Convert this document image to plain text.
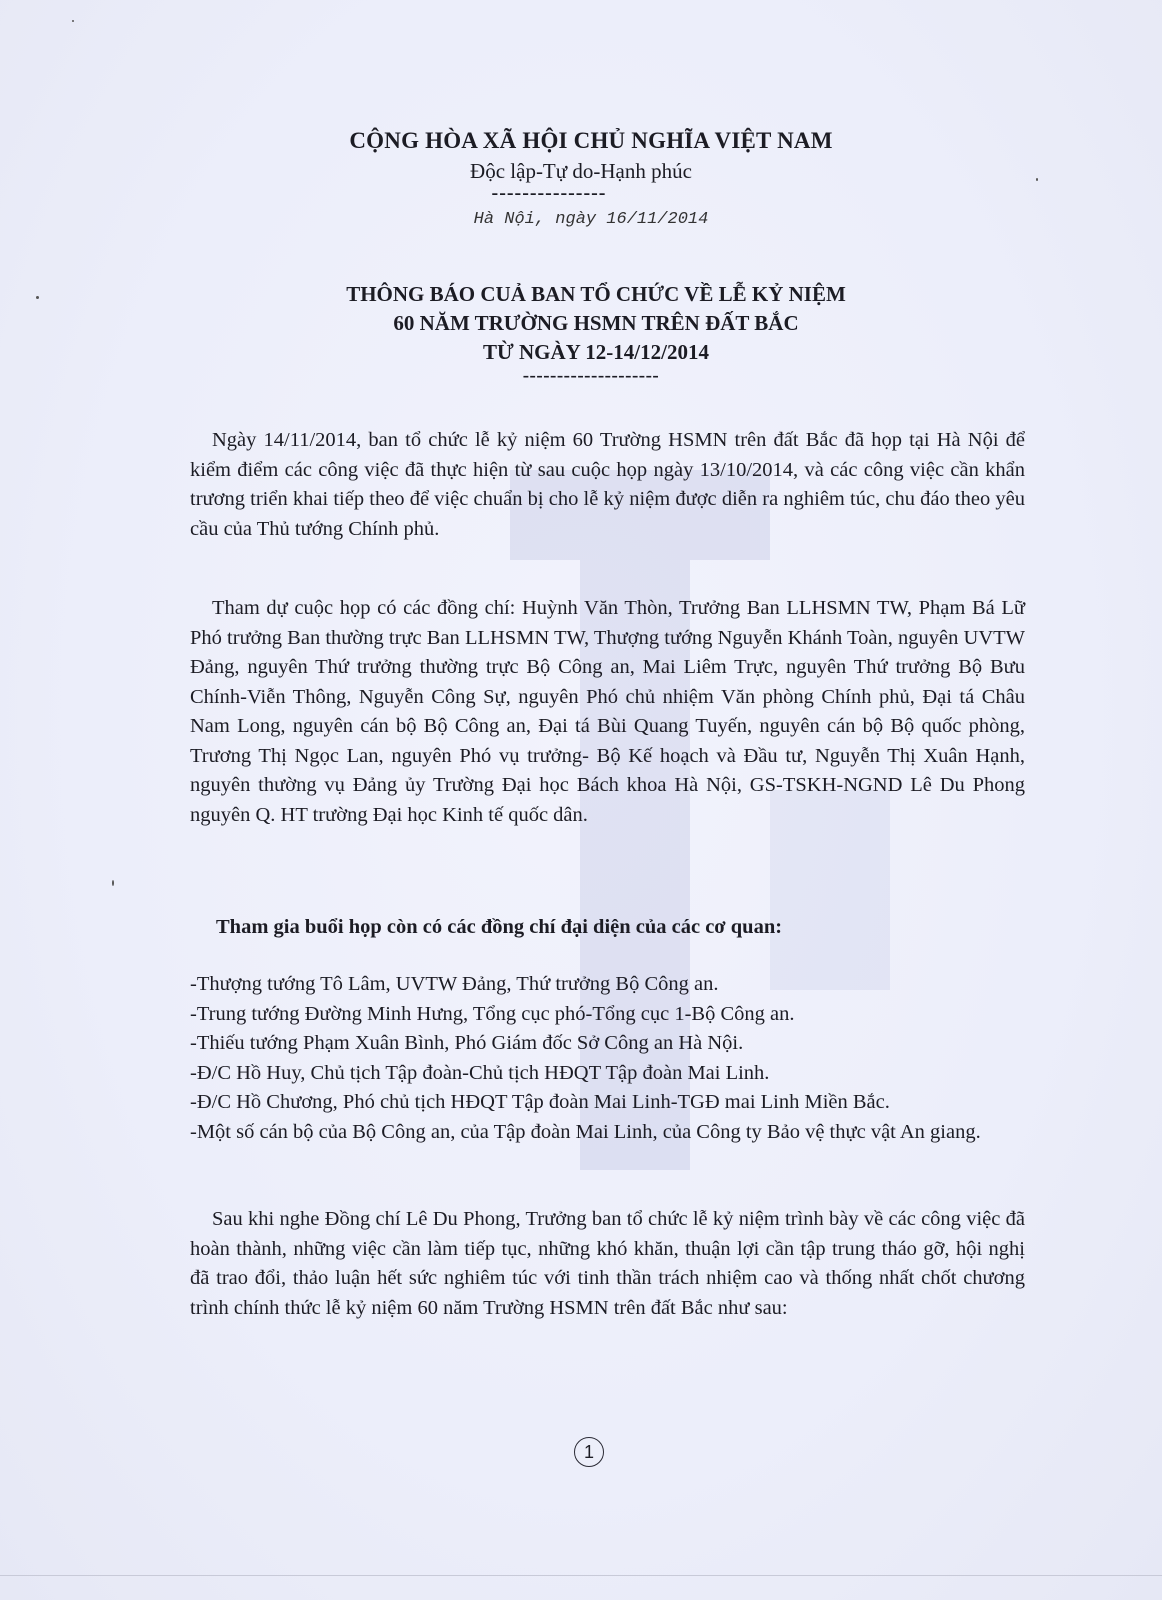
CỘNG HÒA XÃ HỘI CHỦ NGHĨA VIỆT NAM
Độc lập-Tự do-Hạnh phúc
---------------
Hà Nội, ngày 16/11/2014
THÔNG BÁO CUẢ BAN TỔ CHỨC VỀ LỄ KỶ NIỆM
60 NĂM TRƯỜNG HSMN TRÊN ĐẤT BẮC
TỪ NGÀY 12-14/12/2014
--------------------
Ngày 14/11/2014, ban tổ chức lễ kỷ niệm 60 Trường HSMN trên đất Bắc đã họp tại Hà Nội để kiểm điểm các công việc đã thực hiện từ sau cuộc họp ngày 13/10/2014, và các công việc cần khẩn trương triển khai tiếp theo để việc chuẩn bị cho lễ kỷ niệm được diễn ra nghiêm túc, chu đáo theo yêu cầu của Thủ tướng Chính phủ.
Tham dự cuộc họp có các đồng chí: Huỳnh Văn Thòn, Trưởng Ban LLHSMN TW, Phạm Bá Lữ Phó trưởng Ban thường trực Ban LLHSMN TW, Thượng tướng Nguyễn Khánh Toàn, nguyên UVTW Đảng, nguyên Thứ trưởng thường trực Bộ Công an, Mai Liêm Trực, nguyên Thứ trưởng Bộ Bưu Chính-Viễn Thông, Nguyễn Công Sự, nguyên Phó chủ nhiệm Văn phòng Chính phủ, Đại tá Châu Nam Long, nguyên cán bộ Bộ Công an, Đại tá Bùi Quang Tuyến, nguyên cán bộ Bộ quốc phòng, Trương Thị Ngọc Lan, nguyên Phó vụ trưởng- Bộ Kế hoạch và Đầu tư, Nguyễn Thị Xuân Hạnh, nguyên thường vụ Đảng ủy Trường Đại học Bách khoa Hà Nội, GS-TSKH-NGND Lê Du Phong nguyên Q. HT trường Đại học Kinh tế quốc dân.
Tham gia buổi họp còn có các đồng chí đại diện của các cơ quan:
-Thượng tướng Tô Lâm, UVTW Đảng, Thứ trưởng Bộ Công an.
-Trung tướng Đường Minh Hưng, Tổng cục phó-Tổng cục 1-Bộ Công an.
-Thiếu tướng Phạm Xuân Bình, Phó Giám đốc Sở Công an Hà Nội.
-Đ/C Hồ Huy, Chủ tịch Tập đoàn-Chủ tịch HĐQT Tập đoàn Mai Linh.
-Đ/C Hồ Chương, Phó chủ tịch HĐQT Tập đoàn Mai Linh-TGĐ mai Linh Miền Bắc.
-Một số cán bộ của Bộ Công an, của Tập đoàn Mai Linh, của Công ty Bảo vệ thực vật An giang.
Sau khi nghe Đồng chí Lê Du Phong, Trưởng ban tổ chức lễ kỷ niệm trình bày về các công việc đã hoàn thành, những việc cần làm tiếp tục, những khó khăn, thuận lợi cần tập trung tháo gỡ, hội nghị đã trao đổi, thảo luận hết sức nghiêm túc với tinh thần trách nhiệm cao và thống nhất chốt chương trình chính thức lễ kỷ niệm 60 năm Trường HSMN trên đất Bắc như sau:
1
